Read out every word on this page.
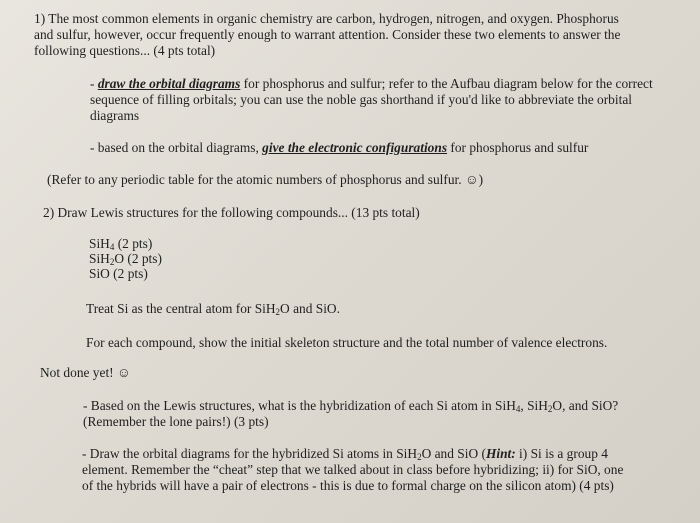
1) The most common elements in organic chemistry are carbon, hydrogen, nitrogen, and oxygen. Phosphorus
and sulfur, however, occur frequently enough to warrant attention. Consider these two elements to answer the
following questions... (4 pts total)
- draw the orbital diagrams for phosphorus and sulfur; refer to the Aufbau diagram below for the correct
sequence of filling orbitals; you can use the noble gas shorthand if you'd like to abbreviate the orbital
diagrams
- based on the orbital diagrams, give the electronic configurations for phosphorus and sulfur
(Refer to any periodic table for the atomic numbers of phosphorus and sulfur. ☺)
2) Draw Lewis structures for the following compounds... (13 pts total)
SiH$_4$ (2 pts)
SiH$_2$O (2 pts)
SiO (2 pts)
Treat Si as the central atom for SiH$_2$O and SiO.
For each compound, show the initial skeleton structure and the total number of valence electrons.
Not done yet! ☺
- Based on the Lewis structures, what is the hybridization of each Si atom in SiH$_4$, SiH$_2$O, and SiO?
(Remember the lone pairs!) (3 pts)
- Draw the orbital diagrams for the hybridized Si atoms in SiH$_2$O and SiO (Hint: i) Si is a group 4
element. Remember the “cheat” step that we talked about in class before hybridizing; ii) for SiO, one
of the hybrids will have a pair of electrons - this is due to formal charge on the silicon atom) (4 pts)
